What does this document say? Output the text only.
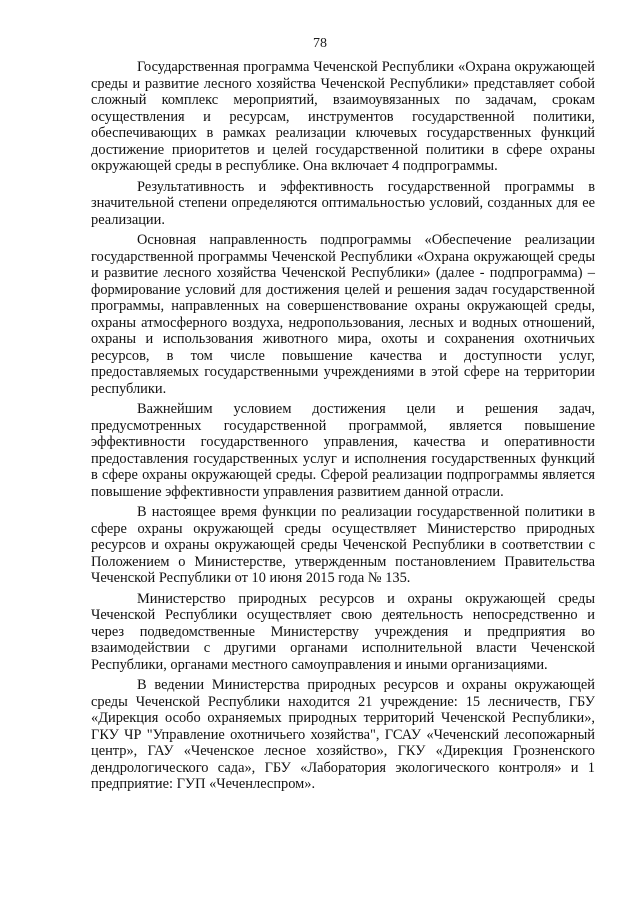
78

Государственная программа Чеченской Республики «Охрана окружающей среды и развитие лесного хозяйства Чеченской Республики» представляет собой сложный комплекс мероприятий, взаимоувязанных по задачам, срокам осуществления и ресурсам, инструментов государственной политики, обеспечивающих в рамках реализации ключевых государственных функций достижение приоритетов и целей государственной политики в сфере охраны окружающей среды в республике. Она включает 4 подпрограммы.

Результативность и эффективность государственной программы в значительной степени определяются оптимальностью условий, созданных для ее реализации.

Основная направленность подпрограммы «Обеспечение реализации государственной программы Чеченской Республики «Охрана окружающей среды и развитие лесного хозяйства Чеченской Республики» (далее - подпрограмма) – формирование условий для достижения целей и решения задач государственной программы, направленных на совершенствование охраны окружающей среды, охраны атмосферного воздуха, недропользования, лесных и водных отношений, охраны и использования животного мира, охоты и сохранения охотничьих ресурсов, в том числе повышение качества и доступности услуг, предоставляемых государственными учреждениями в этой сфере на территории республики.

Важнейшим условием достижения цели и решения задач, предусмотренных государственной программой, является повышение эффективности государственного управления, качества и оперативности предоставления государственных услуг и исполнения государственных функций в сфере охраны окружающей среды. Сферой реализации подпрограммы является повышение эффективности управления развитием данной отрасли.

В настоящее время функции по реализации государственной политики в сфере охраны окружающей среды осуществляет Министерство природных ресурсов и охраны окружающей среды Чеченской Республики в соответствии с Положением о Министерстве, утвержденным постановлением Правительства Чеченской Республики от 10 июня 2015 года № 135.

Министерство природных ресурсов и охраны окружающей среды Чеченской Республики осуществляет свою деятельность непосредственно и через подведомственные Министерству учреждения и предприятия во взаимодействии с другими органами исполнительной власти Чеченской Республики, органами местного самоуправления и иными организациями.

В ведении Министерства природных ресурсов и охраны окружающей среды Чеченской Республики находится 21 учреждение: 15 лесничеств, ГБУ «Дирекция особо охраняемых природных территорий Чеченской Республики», ГКУ ЧР "Управление охотничьего хозяйства", ГСАУ «Чеченский лесопожарный центр», ГАУ «Чеченское лесное хозяйство», ГКУ «Дирекция Грозненского дендрологического сада», ГБУ «Лаборатория экологического контроля» и 1 предприятие: ГУП «Чеченлеспром».
